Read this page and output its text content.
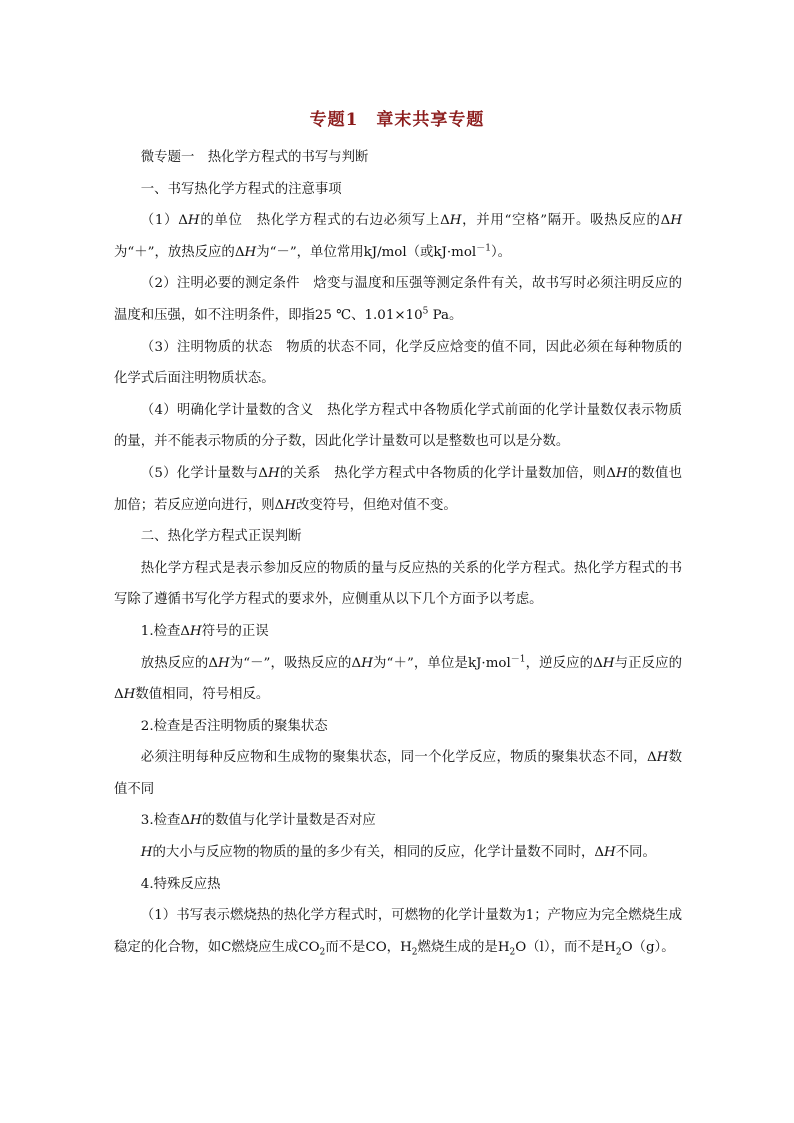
专题1　章末共享专题

微专题一　热化学方程式的书写与判断

一、书写热化学方程式的注意事项

（1）ΔH的单位　热化学方程式的右边必须写上ΔH，并用“空格”隔开。吸热反应的ΔH为“＋”，放热反应的ΔH为“－”，单位常用kJ/mol（或kJ·mol$^{-1}$）。

（2）注明必要的测定条件　焓变与温度和压强等测定条件有关，故书写时必须注明反应的温度和压强，如不注明条件，即指25 ℃、$1.01\times 10^5$ Pa。

（3）注明物质的状态　物质的状态不同，化学反应焓变的值不同，因此必须在每种物质的化学式后面注明物质状态。

（4）明确化学计量数的含义　热化学方程式中各物质化学式前面的化学计量数仅表示物质的量，并不能表示物质的分子数，因此化学计量数可以是整数也可以是分数。

（5）化学计量数与ΔH的关系　热化学方程式中各物质的化学计量数加倍，则ΔH的数值也加倍；若反应逆向进行，则ΔH改变符号，但绝对值不变。

二、热化学方程式正误判断

热化学方程式是表示参加反应的物质的量与反应热的关系的化学方程式。热化学方程式的书写除了遵循书写化学方程式的要求外，应侧重从以下几个方面予以考虑。

1.检查ΔH符号的正误

放热反应的ΔH为“－”，吸热反应的ΔH为“＋”，单位是kJ·mol$^{-1}$，逆反应的ΔH与正反应的ΔH数值相同，符号相反。

2.检查是否注明物质的聚集状态

必须注明每种反应物和生成物的聚集状态，同一个化学反应，物质的聚集状态不同，ΔH数值不同

3.检查ΔH的数值与化学计量数是否对应

H的大小与反应物的物质的量的多少有关，相同的反应，化学计量数不同时，ΔH不同。

4.特殊反应热

（1）书写表示燃烧热的热化学方程式时，可燃物的化学计量数为1；产物应为完全燃烧生成稳定的化合物，如C燃烧应生成$CO_2$而不是CO，$H_2$燃烧生成的是$H_2O(l)$，而不是$H_2O(g)$。
